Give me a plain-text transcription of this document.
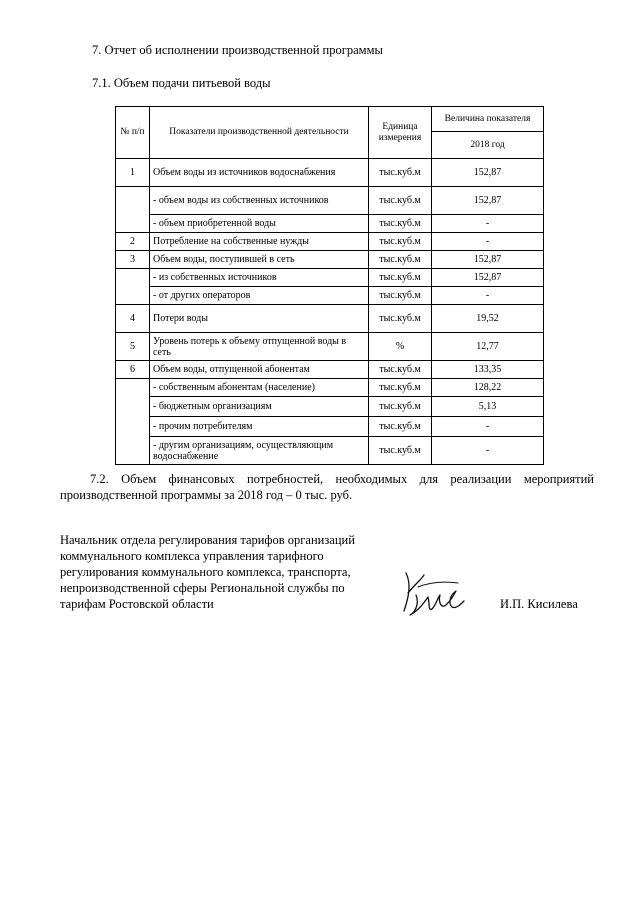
7. Отчет об исполнении производственной программы
7.1. Объем подачи питьевой воды
№ п/п	Показатели производственной деятельности	Единица измерения	Величина показателя
			2018 год
1	Объем воды из источников водоснабжения	тыс.куб.м	152,87
	- объем воды из собственных источников	тыс.куб.м	152,87
	- объем приобретенной воды	тыс.куб.м	-
2	Потребление на собственные нужды	тыс.куб.м	-
3	Объем воды, поступившей в сеть	тыс.куб.м	152,87
	- из собственных источников	тыс.куб.м	152,87
	- от других операторов	тыс.куб.м	-
4	Потери воды	тыс.куб.м	19,52
5	Уровень потерь к объему отпущенной воды в сеть	%	12,77
6	Объем воды, отпущенной абонентам	тыс.куб.м	133,35
	- собственным абонентам (население)	тыс.куб.м	128,22
	- бюджетным организациям	тыс.куб.м	5,13
	- прочим потребителям	тыс.куб.м	-
	- другим организациям, осуществляющим водоснабжение	тыс.куб.м	-
7.2. Объем финансовых потребностей, необходимых для реализации мероприятий производственной программы за 2018 год – 0 тыс. руб.
Начальник отдела регулирования тарифов организаций
коммунального комплекса управления тарифного
регулирования коммунального комплекса, транспорта,
непроизводственной сферы Региональной службы по
тарифам Ростовской области	И.П. Кисилева
